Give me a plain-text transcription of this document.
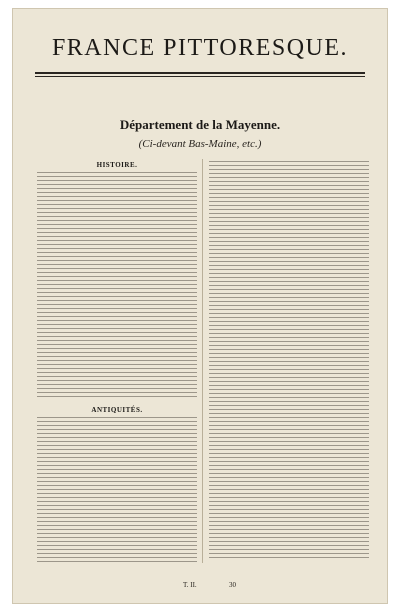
FRANCE PITTORESQUE.
Département de la Mayenne.
(Ci-devant Bas-Maine, etc.)
HISTOIRE.
ANTIQUITÉS.
T. II.	30
